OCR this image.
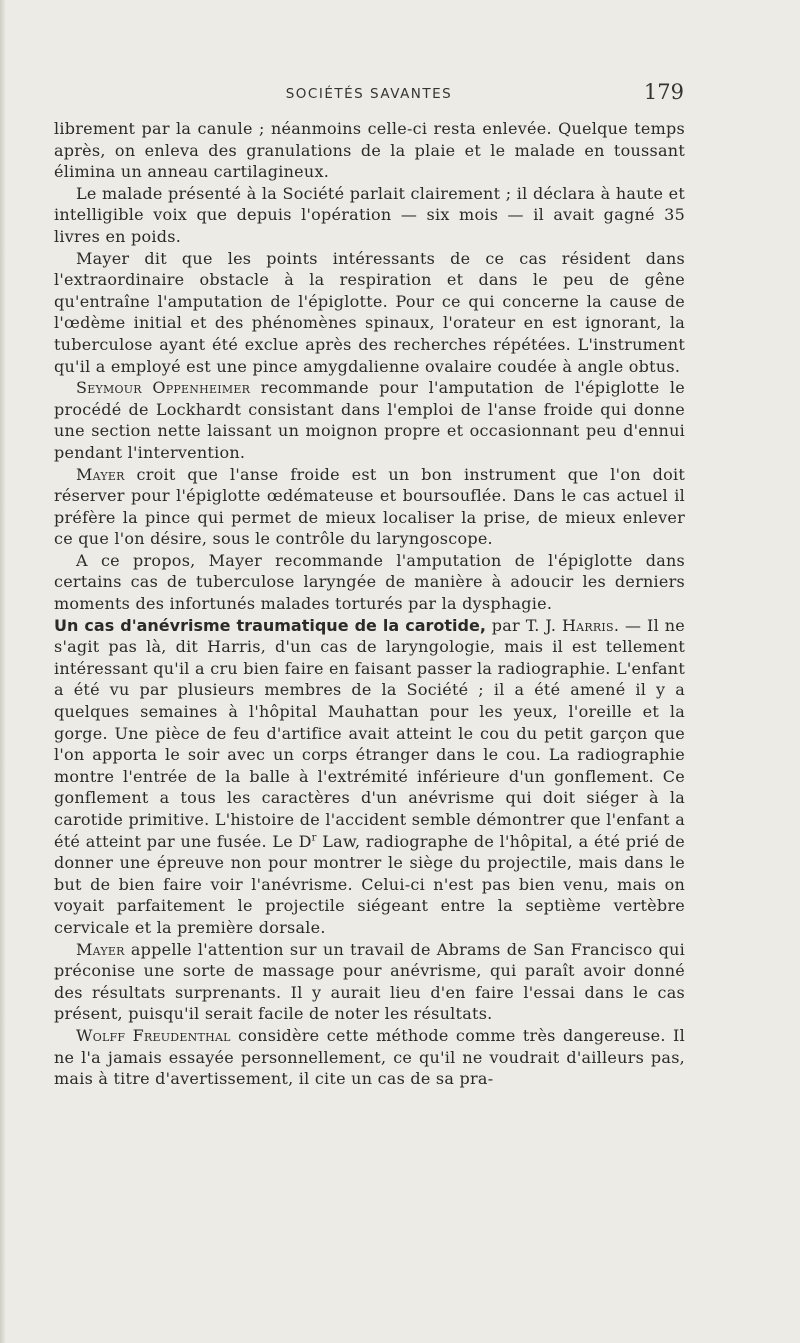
SOCIÉTÉS SAVANTES	179

librement par la canule ; néanmoins celle-ci resta enlevée. Quelque temps après, on enleva des granulations de la plaie et le malade en toussant élimina un anneau cartilagineux.

Le malade présenté à la Société parlait clairement ; il déclara à haute et intelligible voix que depuis l'opération — six mois — il avait gagné 35 livres en poids.

Mayer dit que les points intéressants de ce cas résident dans l'extraordinaire obstacle à la respiration et dans le peu de gêne qu'entraîne l'amputation de l'épiglotte. Pour ce qui concerne la cause de l'œdème initial et des phénomènes spinaux, l'orateur en est ignorant, la tuberculose ayant été exclue après des recherches répétées. L'instrument qu'il a employé est une pince amygdalienne ovalaire coudée à angle obtus.

Seymour Oppenheimer recommande pour l'amputation de l'épiglotte le procédé de Lockhardt consistant dans l'emploi de l'anse froide qui donne une section nette laissant un moignon propre et occasionnant peu d'ennui pendant l'intervention.

Mayer croit que l'anse froide est un bon instrument que l'on doit réserver pour l'épiglotte œdémateuse et boursouflée. Dans le cas actuel il préfère la pince qui permet de mieux localiser la prise, de mieux enlever ce que l'on désire, sous le contrôle du laryngoscope.

A ce propos, Mayer recommande l'amputation de l'épiglotte dans certains cas de tuberculose laryngée de manière à adoucir les derniers moments des infortunés malades torturés par la dysphagie.

Un cas d'anévrisme traumatique de la carotide, par T. J. Harris. — Il ne s'agit pas là, dit Harris, d'un cas de laryngologie, mais il est tellement intéressant qu'il a cru bien faire en faisant passer la radiographie. L'enfant a été vu par plusieurs membres de la Société ; il a été amené il y a quelques semaines à l'hôpital Mauhattan pour les yeux, l'oreille et la gorge. Une pièce de feu d'artifice avait atteint le cou du petit garçon que l'on apporta le soir avec un corps étranger dans le cou. La radiographie montre l'entrée de la balle à l'extrémité inférieure d'un gonflement. Ce gonflement a tous les caractères d'un anévrisme qui doit siéger à la carotide primitive. L'histoire de l'accident semble démontrer que l'enfant a été atteint par une fusée. Le $D^r$ Law, radiographe de l'hôpital, a été prié de donner une épreuve non pour montrer le siège du projectile, mais dans le but de bien faire voir l'anévrisme. Celui-ci n'est pas bien venu, mais on voyait parfaitement le projectile siégeant entre la septième vertèbre cervicale et la première dorsale.

Mayer appelle l'attention sur un travail de Abrams de San Francisco qui préconise une sorte de massage pour anévrisme, qui paraît avoir donné des résultats surprenants. Il y aurait lieu d'en faire l'essai dans le cas présent, puisqu'il serait facile de noter les résultats.

Wolff Freudenthal considère cette méthode comme très dangereuse. Il ne l'a jamais essayée personnellement, ce qu'il ne voudrait d'ailleurs pas, mais à titre d'avertissement, il cite un cas de sa pra-
